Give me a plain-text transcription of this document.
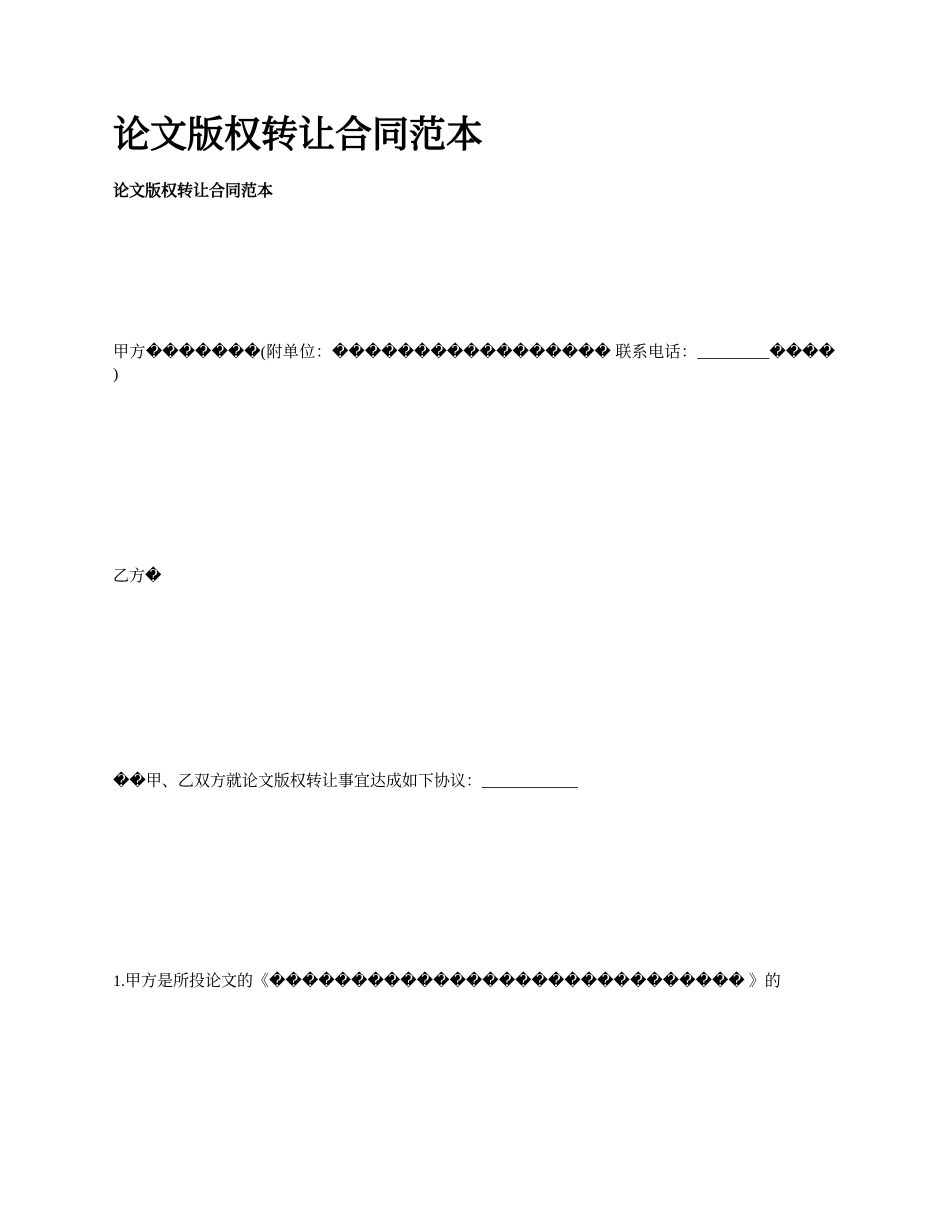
论文版权转让合同范本
论文版权转让合同范本

甲方�������(附单位：����������������� 联系电话：_________���� )

乙方�

��甲、乙双方就论文版权转让事宜达成如下协议：____________

1.甲方是所投论文的《����������������������������� 》的
